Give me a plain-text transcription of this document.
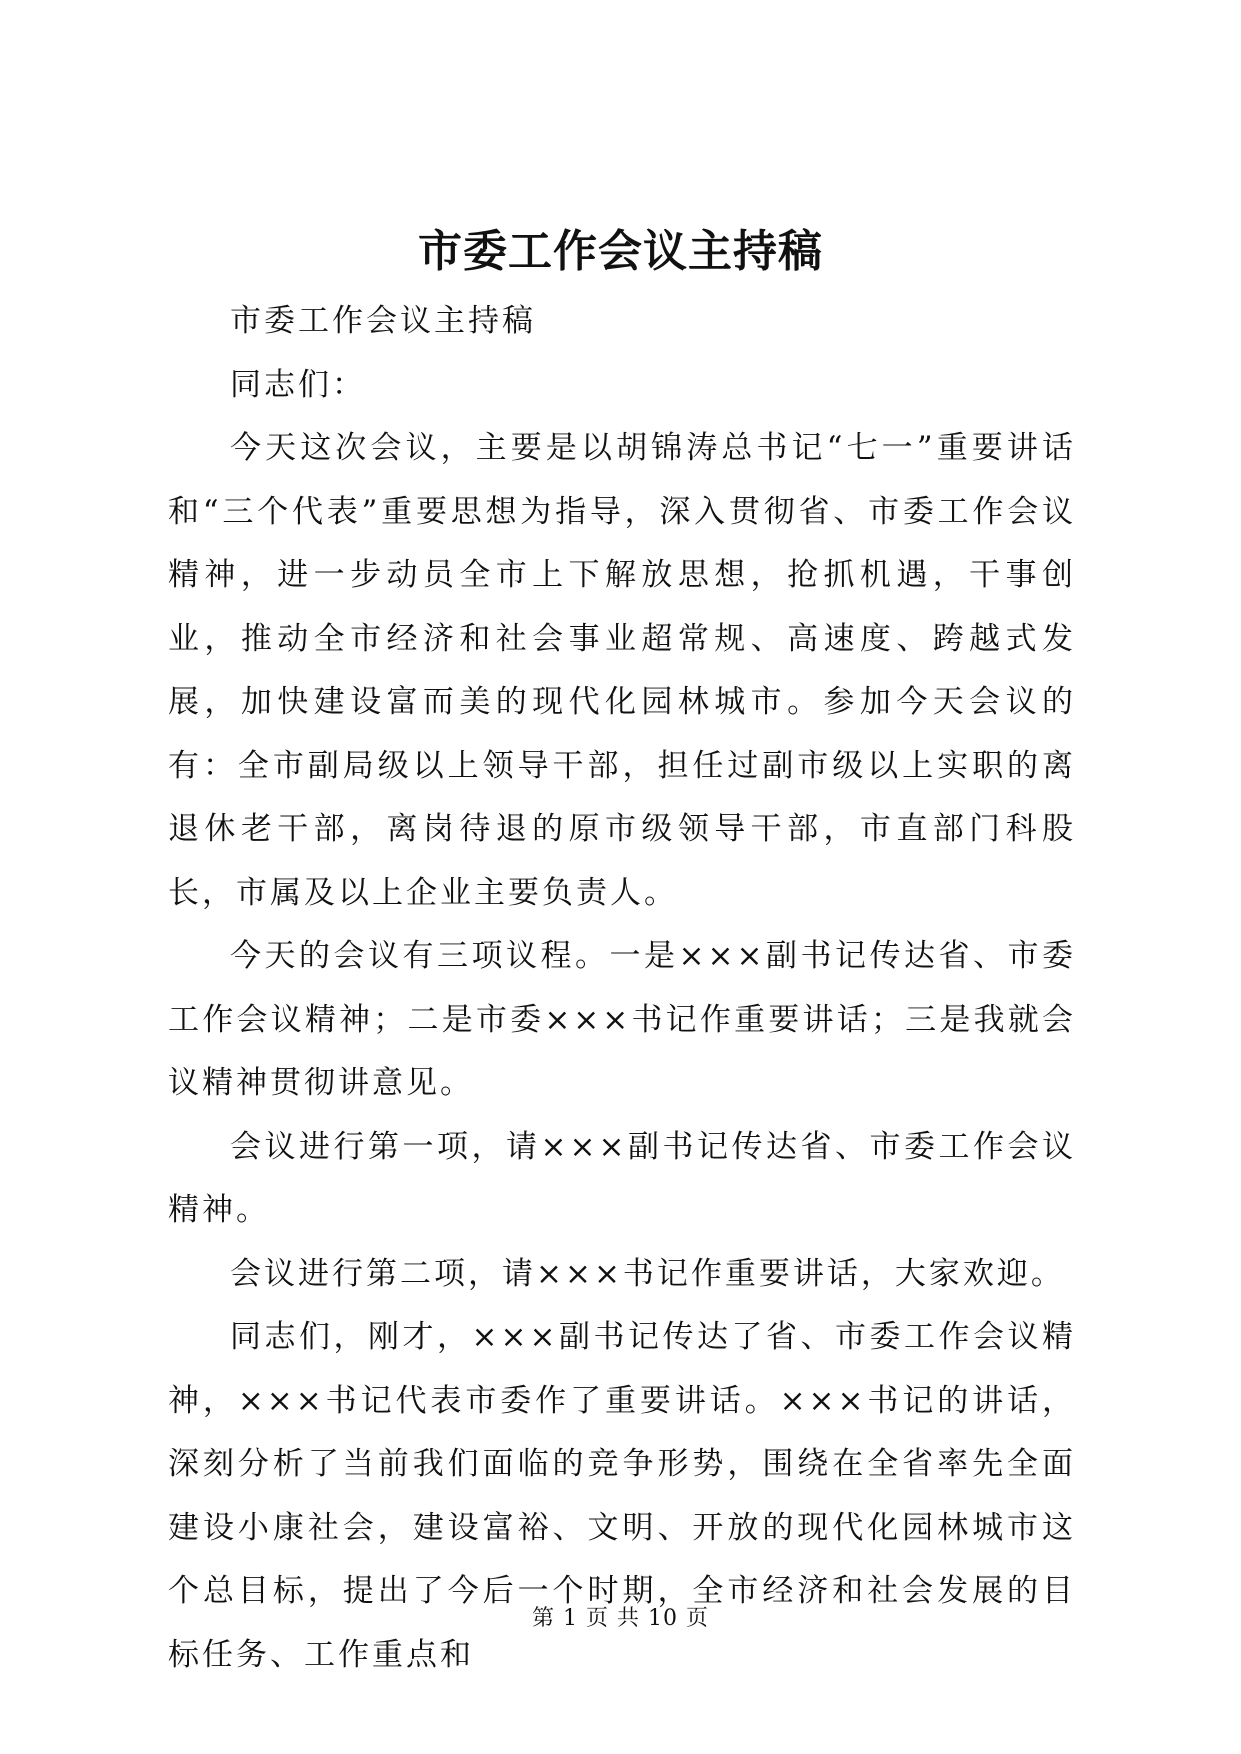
市委工作会议主持稿

市委工作会议主持稿

同志们：

今天这次会议，主要是以胡锦涛总书记“七一”重要讲话和“三个代表”重要思想为指导，深入贯彻省、市委工作会议精神，进一步动员全市上下解放思想，抢抓机遇，干事创业，推动全市经济和社会事业超常规、高速度、跨越式发展，加快建设富而美的现代化园林城市。参加今天会议的有：全市副局级以上领导干部，担任过副市级以上实职的离退休老干部，离岗待退的原市级领导干部，市直部门科股长，市属及以上企业主要负责人。

今天的会议有三项议程。一是×××副书记传达省、市委工作会议精神；二是市委×××书记作重要讲话；三是我就会议精神贯彻讲意见。

会议进行第一项，请×××副书记传达省、市委工作会议精神。

会议进行第二项，请×××书记作重要讲话，大家欢迎。

同志们，刚才，×××副书记传达了省、市委工作会议精神，×××书记代表市委作了重要讲话。×××书记的讲话，深刻分析了当前我们面临的竞争形势，围绕在全省率先全面建设小康社会，建设富裕、文明、开放的现代化园林城市这个总目标，提出了今后一个时期，全市经济和社会发展的目标任务、工作重点和

第 1 页 共 10 页
